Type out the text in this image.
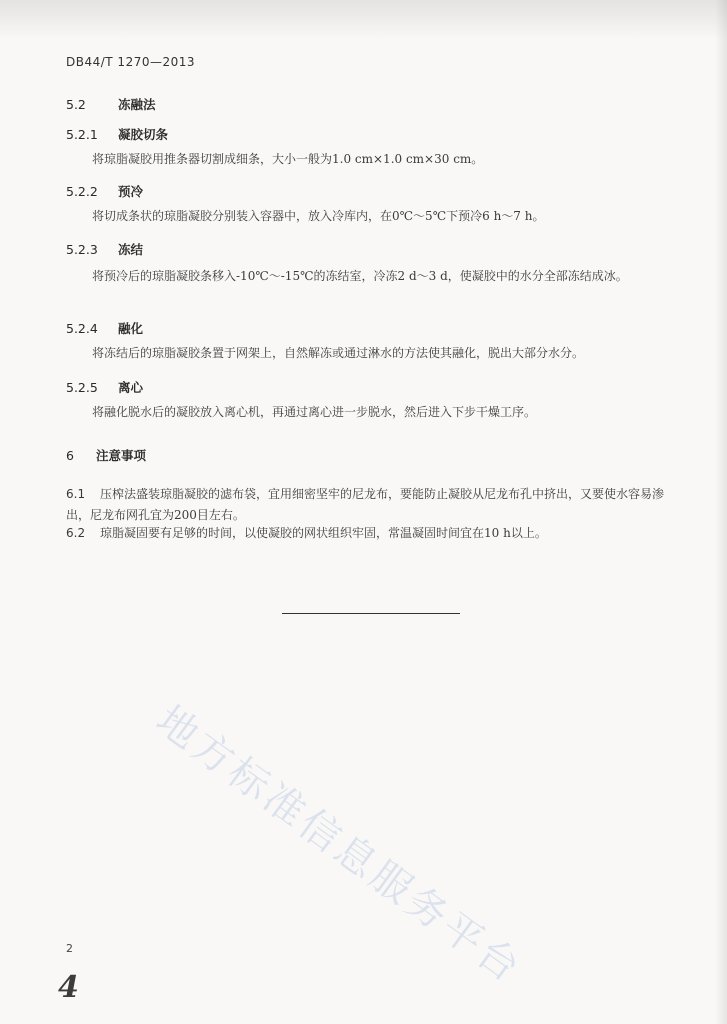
DB44/T 1270—2013
5.2	冻融法
5.2.1 凝胶切条
将琼脂凝胶用推条器切割成细条，大小一般为1.0 cm×1.0 cm×30 cm。
5.2.2 预冷
将切成条状的琼脂凝胶分别装入容器中，放入冷库内，在0℃～5℃下预冷6 h～7 h。
5.2.3 冻结
将预冷后的琼脂凝胶条移入-10℃～-15℃的冻结室，冷冻2 d～3 d，使凝胶中的水分全部冻结成冰。
5.2.4 融化
将冻结后的琼脂凝胶条置于网架上，自然解冻或通过淋水的方法使其融化，脱出大部分水分。
5.2.5 离心
将融化脱水后的凝胶放入离心机，再通过离心进一步脱水，然后进入下步干燥工序。
6 注意事项
6.1 压榨法盛装琼脂凝胶的滤布袋，宜用细密坚牢的尼龙布，要能防止凝胶从尼龙布孔中挤出，又要使水容易渗出，尼龙布网孔宜为200目左右。
6.2 琼脂凝固要有足够的时间，以使凝胶的网状组织牢固，常温凝固时间宜在10 h以上。
地方标准信息服务平台
2
4
